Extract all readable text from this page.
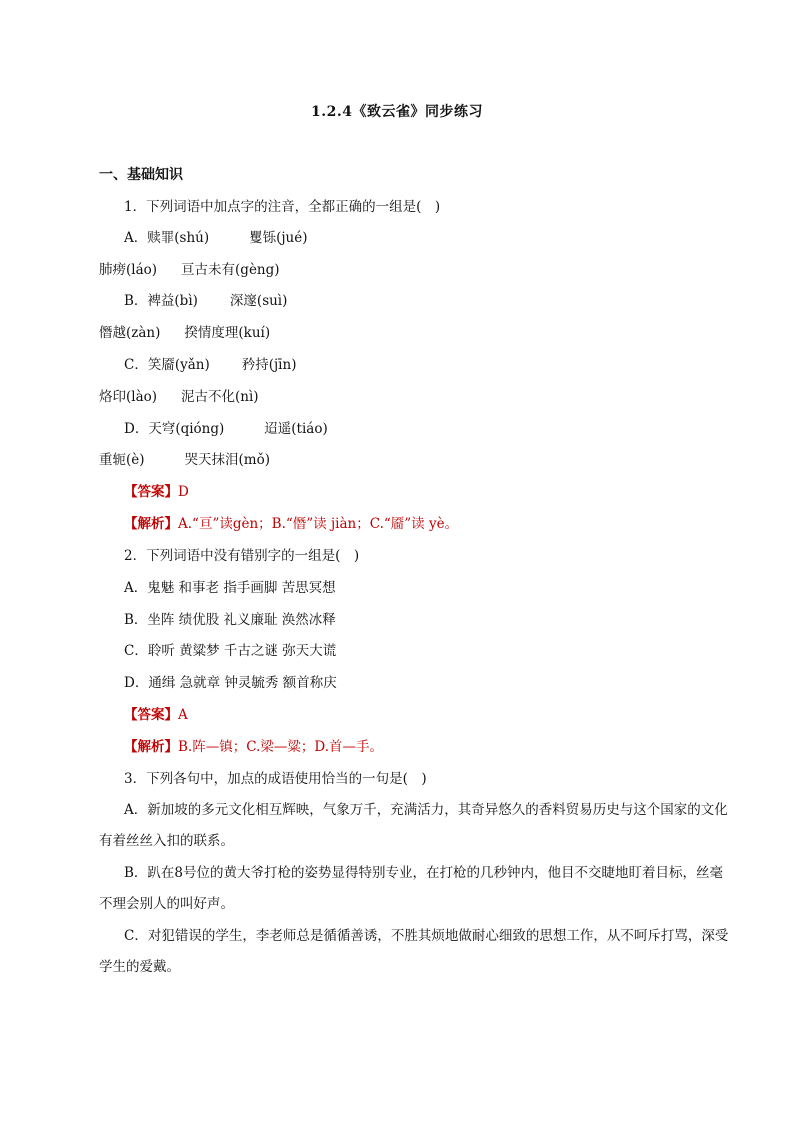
1.2.4《致云雀》同步练习
一、基础知识
1．下列词语中加点字的注音，全都正确的一组是(　)
A．赎罪(shú)	矍铄(jué)
肺痨(láo) 亘古未有(gèng)
B．裨益(bì) 深邃(suì)
僭越(zàn) 揆情度理(kuí)
C．笑靥(yǎn) 矜持(jīn)
烙印(lào) 泥古不化(nì)
D．天穹(qióng)	迢遥(tiáo)
重轭(è)	哭天抹泪(mǒ)
【答案】D
【解析】A.“亘”读gèn；B.“僭”读 jiàn；C.“靥”读 yè。
2．下列词语中没有错别字的一组是(　)
A．鬼魅 和事老 指手画脚 苦思冥想
B．坐阵 绩优股 礼义廉耻 涣然冰释
C．聆听 黄粱梦 千古之谜 弥天大谎
D．通缉 急就章 钟灵毓秀 额首称庆
【答案】A
【解析】B.阵—镇；C.梁—粱；D.首—手。
3．下列各句中，加点的成语使用恰当的一句是(　)
A．新加坡的多元文化相互辉映，气象万千，充满活力，其奇异悠久的香料贸易历史与这个国家的文化有着丝丝入扣的联系。
B．趴在8号位的黄大爷打枪的姿势显得特别专业，在打枪的几秒钟内，他目不交睫地盯着目标，丝毫不理会别人的叫好声。
C．对犯错误的学生，李老师总是循循善诱，不胜其烦地做耐心细致的思想工作，从不呵斥打骂，深受学生的爱戴。
